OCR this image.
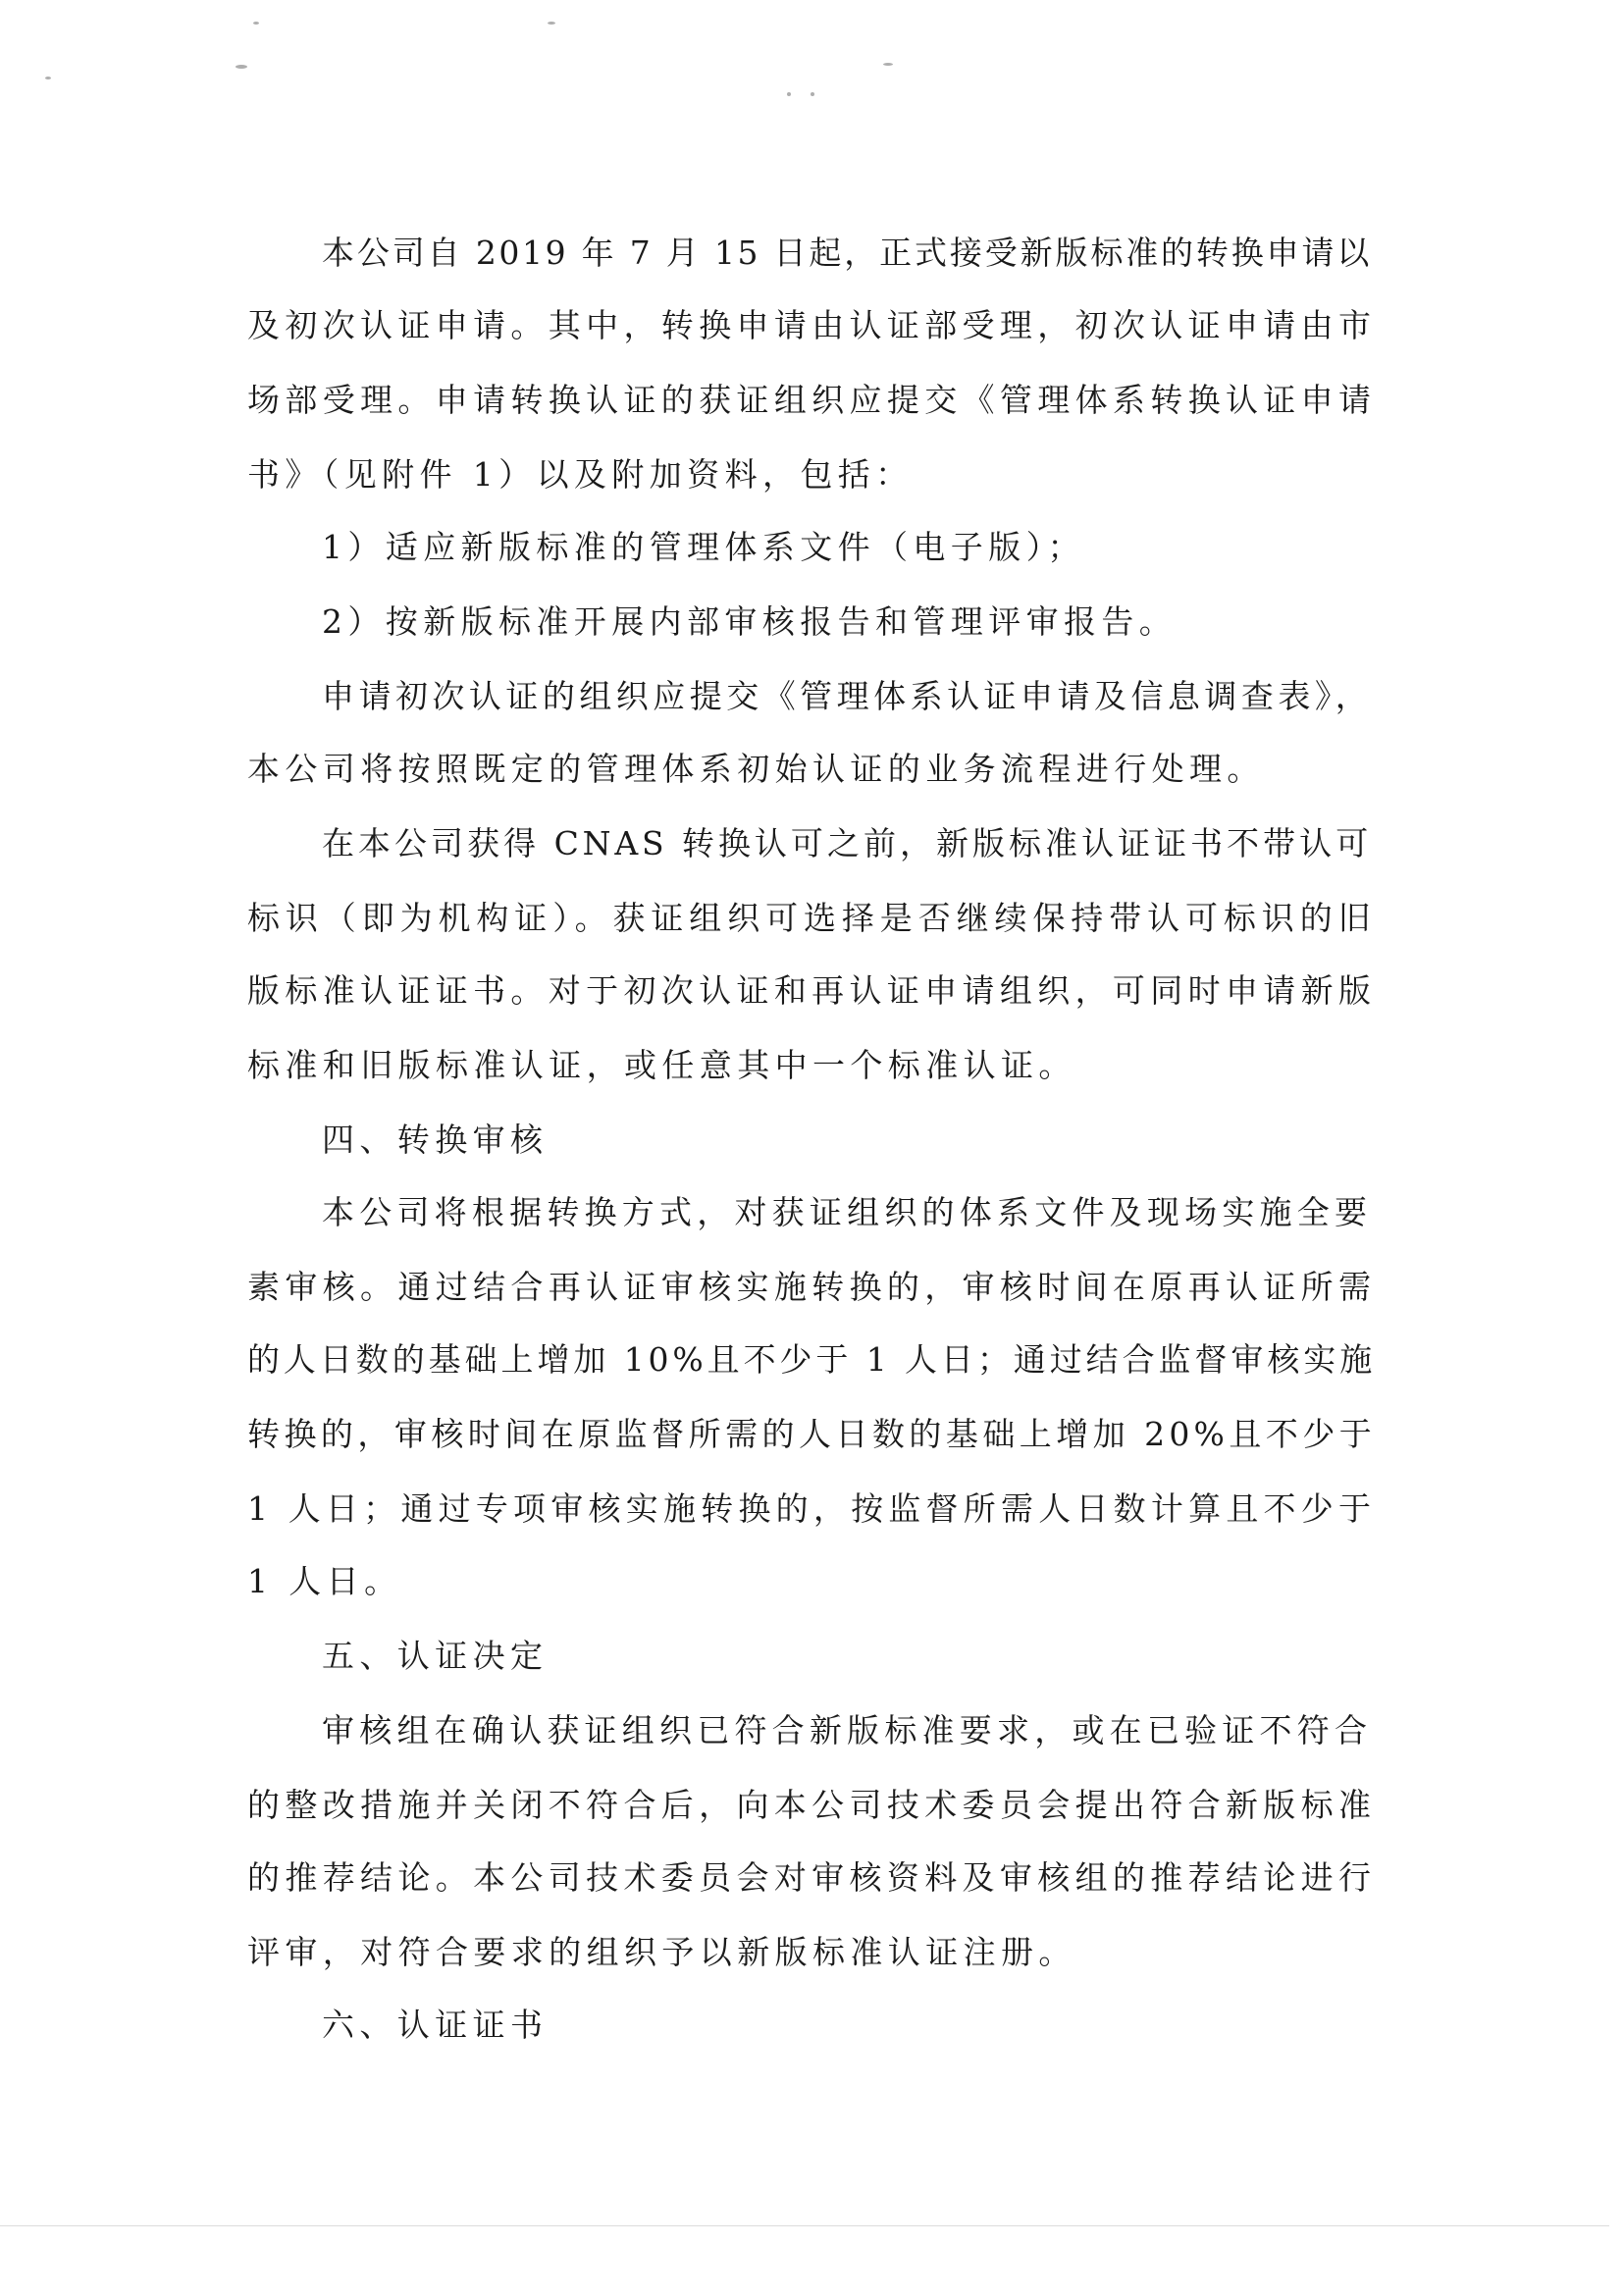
本公司自 2019 年 7 月 15 日起，正式接受新版标准的转换申请以
及初次认证申请。其中，转换申请由认证部受理，初次认证申请由市
场部受理。申请转换认证的获证组织应提交《管理体系转换认证申请
书》（见附件 1）以及附加资料，包括：
1）适应新版标准的管理体系文件（电子版）；
2）按新版标准开展内部审核报告和管理评审报告。
申请初次认证的组织应提交《管理体系认证申请及信息调查表》，
本公司将按照既定的管理体系初始认证的业务流程进行处理。
在本公司获得 CNAS 转换认可之前，新版标准认证证书不带认可
标识（即为机构证）。获证组织可选择是否继续保持带认可标识的旧
版标准认证证书。对于初次认证和再认证申请组织，可同时申请新版
标准和旧版标准认证，或任意其中一个标准认证。
四、转换审核
本公司将根据转换方式，对获证组织的体系文件及现场实施全要
素审核。通过结合再认证审核实施转换的，审核时间在原再认证所需
的人日数的基础上增加 10%且不少于 1 人日；通过结合监督审核实施
转换的，审核时间在原监督所需的人日数的基础上增加 20%且不少于
1 人日；通过专项审核实施转换的，按监督所需人日数计算且不少于
1 人日。
五、认证决定
审核组在确认获证组织已符合新版标准要求，或在已验证不符合
的整改措施并关闭不符合后，向本公司技术委员会提出符合新版标准
的推荐结论。本公司技术委员会对审核资料及审核组的推荐结论进行
评审，对符合要求的组织予以新版标准认证注册。
六、认证证书
